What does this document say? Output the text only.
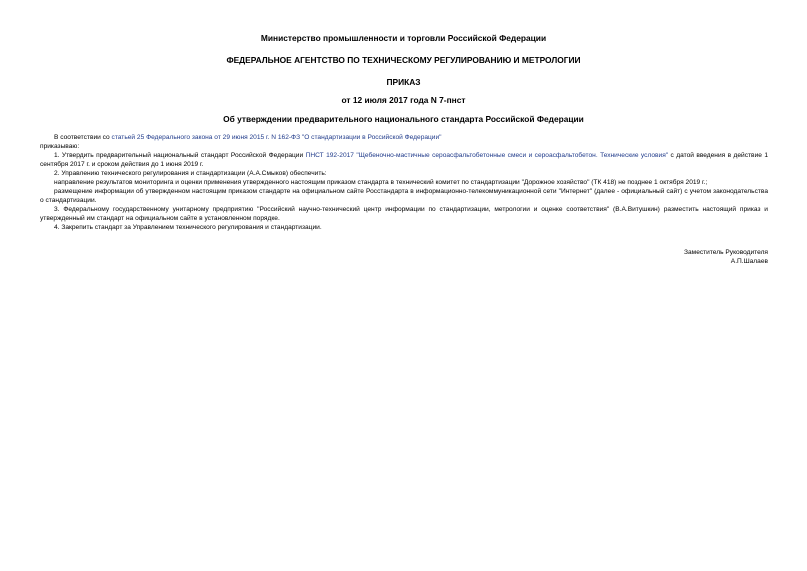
Министерство промышленности и торговли Российской Федерации
ФЕДЕРАЛЬНОЕ АГЕНТСТВО ПО ТЕХНИЧЕСКОМУ РЕГУЛИРОВАНИЮ И МЕТРОЛОГИИ
ПРИКАЗ
от 12 июля 2017 года N 7-пнст
Об утверждении предварительного национального стандарта Российской Федерации

В соответствии со статьей 25 Федерального закона от 29 июня 2015 г. N 162-ФЗ "О стандартизации в Российской Федерации"

приказываю:

1. Утвердить предварительный национальный стандарт Российской Федерации ПНСТ 192-2017 "Щебеночно-мастичные сероасфальтобетонные смеси и сероасфальтобетон. Технические условия" с датой введения в действие 1 сентября 2017 г. и сроком действия до 1 июня 2019 г.

2. Управлению технического регулирования и стандартизации (А.А.Смыков) обеспечить:

направление результатов мониторинга и оценки применения утвержденного настоящим приказом стандарта в технический комитет по стандартизации "Дорожное хозяйство" (ТК 418) не позднее 1 октября 2019 г.;

размещение информации об утвержденном настоящим приказом стандарте на официальном сайте Росстандарта в информационно-телекоммуникационной сети "Интернет" (далее - официальный сайт) с учетом законодательства о стандартизации.

3. Федеральному государственному унитарному предприятию "Российский научно-технический центр информации по стандартизации, метрологии и оценке соответствия" (В.А.Витушкин) разместить настоящий приказ и утвержденный им стандарт на официальном сайте в установленном порядке.

4. Закрепить стандарт за Управлением технического регулирования и стандартизации.

Заместитель Руководителя
А.П.Шалаев
